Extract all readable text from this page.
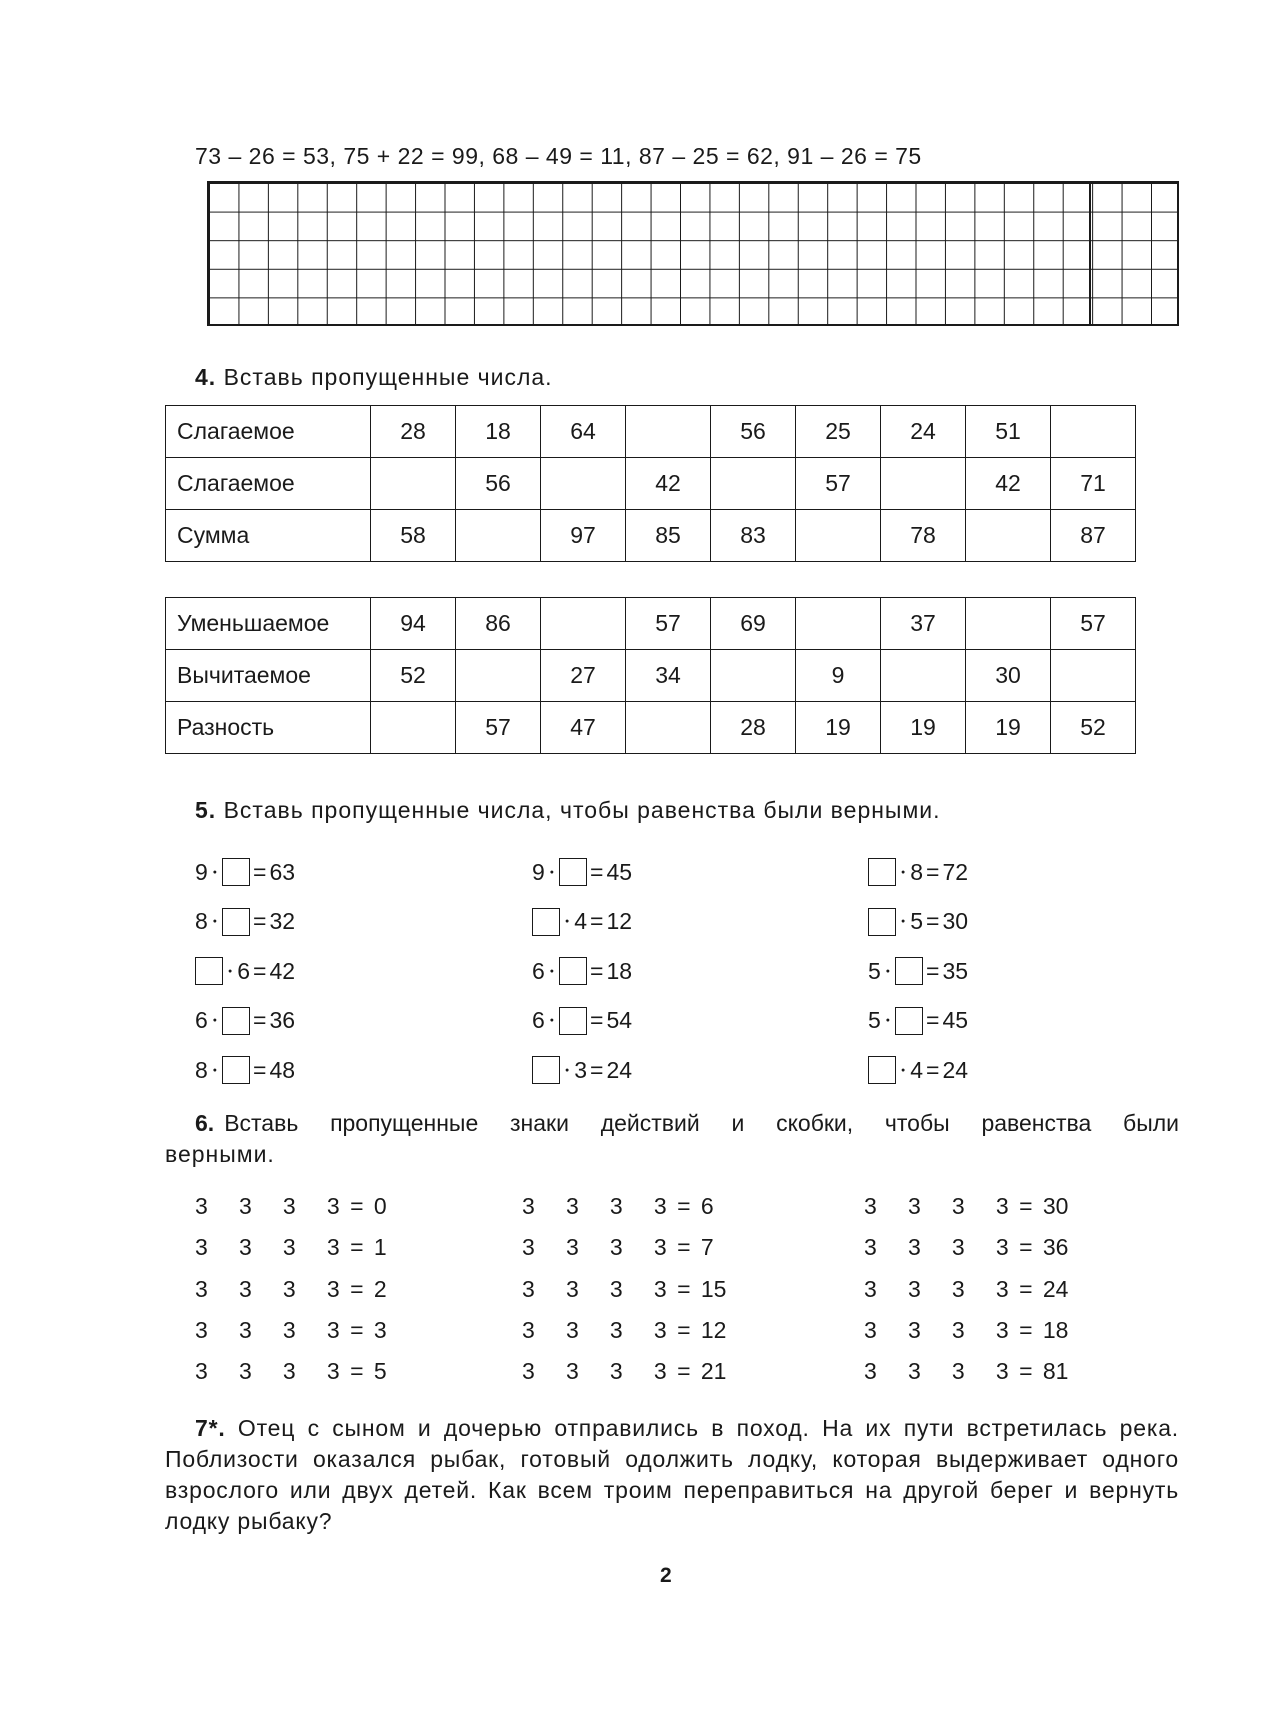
73 – 26 = 53, 75 + 22 = 99, 68 – 49 = 11, 87 – 25 = 62, 91 – 26 = 75
4. Вставь пропущенные числа.
Слагаемое	28	18	64		56	25	24	51	
Слагаемое		56		42		57		42	71
Сумма	58		97	85	83		78		87
Уменьшаемое	94	86		57	69		37		57
Вычитаемое	52		27	34		9		30	
Разность		57	47		28	19	19	19	52
5. Вставь пропущенные числа, чтобы равенства были верными.
9 ● = 63
8 ● = 32
● 6 = 42
6 ● = 36
8 ● = 48
9 ● = 45
● 4 = 12
6 ● = 18
6 ● = 54
● 3 = 24
● 8 = 72
● 5 = 30
5 ● = 35
5 ● = 45
● 4 = 24
6. Вставь пропущенные знаки действий и скобки, чтобы равенства были
верными.
3   3   3   3 = 0
3   3   3   3 = 1
3   3   3   3 = 2
3   3   3   3 = 3
3   3   3   3 = 5
3   3   3   3 = 6
3   3   3   3 = 7
3   3   3   3 = 15
3   3   3   3 = 12
3   3   3   3 = 21
3   3   3   3 = 30
3   3   3   3 = 36
3   3   3   3 = 24
3   3   3   3 = 18
3   3   3   3 = 81
7*. Отец с сыном и дочерью отправились в поход. На их пути встретилась река. Поблизости оказался рыбак, готовый одолжить лодку, которая выдерживает одного взрослого или двух детей. Как всем троим переправиться на другой берег и вернуть лодку рыбаку?
2
